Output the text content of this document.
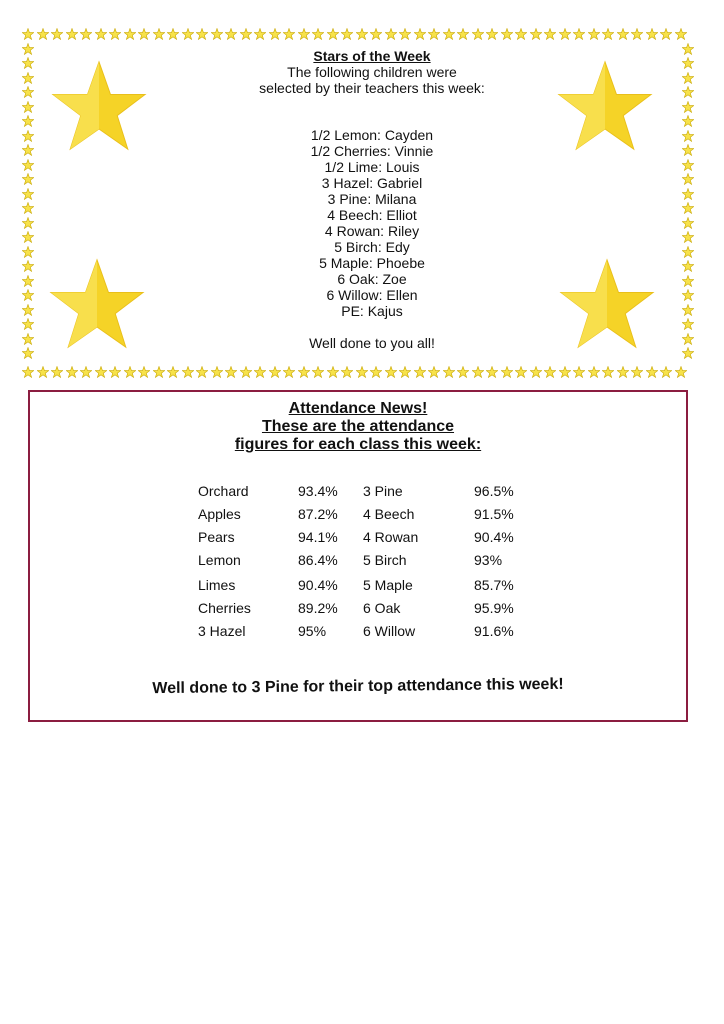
Stars of the Week
The following children were
selected by their teachers this week:
1/2 Lemon: Cayden
1/2 Cherries: Vinnie
1/2 Lime: Louis
3 Hazel: Gabriel
3 Pine: Milana
4 Beech: Elliot
4 Rowan: Riley
5 Birch: Edy
5 Maple: Phoebe
6 Oak: Zoe
6 Willow: Ellen
PE: Kajus
Well done to you all!
Attendance News!
These are the attendance
figures for each class this week:
Orchard	93.4% 3 Pine	96.5%
Apples	87.2% 4 Beech	91.5%
Pears	94.1% 4 Rowan	90.4%
Lemon	86.4% 5 Birch	93%
Limes	90.4% 5 Maple	85.7%
Cherries	89.2% 6 Oak	95.9%
3 Hazel	95%	6 Willow	91.6%
Well done to 3 Pine for their top attendance this week!
